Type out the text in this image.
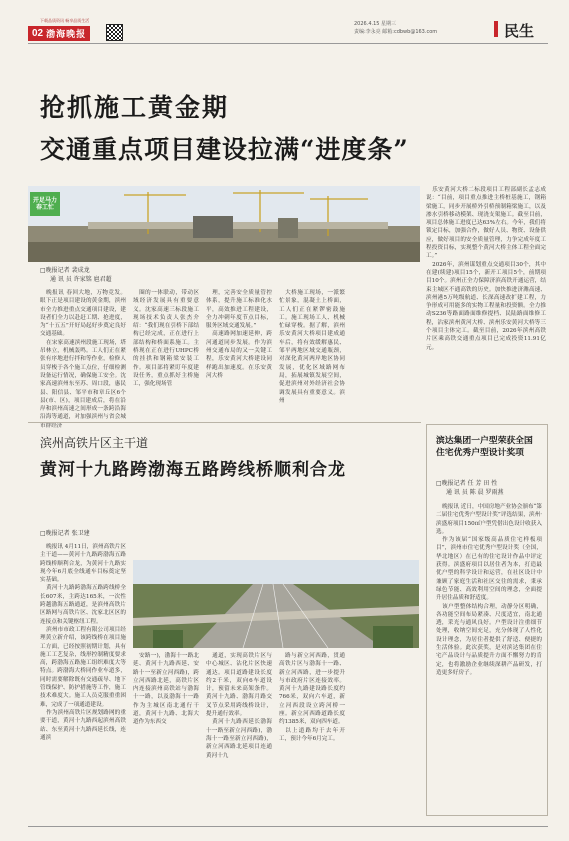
下载品质资讯 畅享品质生活
02 渤海晚报
2026.4.15 星期三
责编:李永亮 邮箱:cdbwb@163.com	民生
抢抓施工黄金期
交通重点项目建设拉满“进度条”
开足马力 春工忙
□晚报记者 裴成龙
通 讯 员 许家铭 扈君超

晚报讯 春回大地，万物竞发。眼下正是项目建设的黄金期，滨州市全力推进重点交通项目建设，建设者们全力以赴赶工期、抢进度，为“十五五”开好局起好步奠定良好交通基础。

在宋家高速滨州段施工现场，塔吊林立，机械轰鸣。工人们正在紧张有序地进行拌和等作业，检修人员穿梭于各个施工点位，仔细检测设备运行情况，确保施工安全。沈家高速滨州东至苏、周口段，惠民县、阳信县、邹平市和章丘区6个县(市、区)，项目建成后，将在沿岸和滨州高速之间形成一条跨沿海沿海等通道，对加强滨州与省会城市群经济

圈的一体联动，带动区域经济发展具有重要意义。沈家高速三标段施工现场技术负责人张杰介绍：“我们现在引桥下部结构已经完成，正在进行上部结构和桥面系施工。主桥现在正在进行UHPC桥的挂拱和钢箱梁安装工作。项目部将紧盯年度建设任务，重点抓好主桥施工，强化现场管

理，完善安全质量管控体系，提升施工标准化水平，高效推进工程建设，全力冲刺年度节点目标，服务区域交通发展。”

高速路网加速延伸，跨河通道同步发展。作为滨州交通布局的又一关键工程，乐安黄河大桥建设同样跑出加速度。在乐安黄河大桥

大桥施工现场，一派繁忙景象，混凝土上桥面，工人们正在紧锣密鼓施工。施工现场工人、机械忙碌穿梭。据了解，滨州乐安黄河大桥项目建成通车后，将有效缓解惠民、邹平两地区域交通瓶颈，对深化黄河两岸地区协同发展，优化区域路网布局，拓展城镇发展空间，促进滨州对外经济社会协调发展具有重要意义。滨州

乐安黄河大桥二标段项目工程部副长孟志成说：“目前，项目重点推进主桥桩基施工，钢箱梁施工，同步开展桥外引桥预制箱梁施工，以及渗水引桥移动模架、现浇支架施工。截至目前，项目总体施工进度已达63%左右。今年，我们将锁定目标，加强合作，做好人员、物资、设备供应，做好项目的安全质量管理，力争完成年度工程投资目标，实现整个黄河大桥主体工程全面完工。”

2026年，滨州谋划重点交通项目30个，其中在建(续建)项目15个，新开工项目5个，前期项目10个。滨州正全力保障济滨高铁开通运营，结束主城区不通高铁的历史。加快推进济潍高速、滨州港5万吨级航道、长深高速改扩建工程，力争形成可用能多的实物工程量和投资额。全力推动S236等路面路面维修提档、民陆路面维修工程，沾家滨州黄河大桥、滨州乐安黄河大桥等三个项目主体完工。截至目前，2026年滨州高铁片区乘高铁交通重点项目已完成投资11.91亿元。

滨州高铁片区主干道
黄河十九路跨渤海五路跨线桥顺利合龙
□晚报记者 张卫建

晚报讯 4月11日，滨州高铁片区主干道——黄河十九路跨渤海五路跨线桥顺利合龙，为黄河十九路实现今年6月底全线通车目标奠定坚实基础。

黄河十九路跨渤海五路跨线桥全长607米，主跨达165米，一次性跨越渤海五路通道，是滨州高铁片区路网与高铁片区、沈家北区区的连接点和关键枢纽工程。

滨州市市政工程有限公司项目经理黄立新介绍，该跨线桥在项目施工方面，已经按照初期计划，具有施工工艺复杂，线形控制精度要求高，跨渤海五路施工组织难度大等特点。跨渤海大桥同作业车道多，同时需要解除既有交通疏导、地下管线保护、防护措施等工作，施工技术难度大。施工人员克服重重困难，完成了一项通道建设。

作为滨州高铁片区规划路网的重要干道，黄河十九路西起滨州高铁站、东至黄河十九路西延长线，连通滨

安路一)，渤海十一路北延、黄河十九路西延、安路十一至新立河西路)，跨立河西路北延，高铁片区内连接滨州高铁站与渤海十一路，以及渤海十一路作为主城区南北通行干道，黄河十九路、北海大道作为东西交

通道，实现高铁片区与中心城区、沾化片区快速通达。项目道路建设长度约2千米，双向6车道设计，预留未来高架条件。黄河十九路、渤海月路交叉节点采用跨线桥设计，提升通行效率。

黄河十九路西延长渤海十一路至新立河西路)，渤海十一路至新立河西路)，新立河西路北延项目连通黄河十九

路与新立河西路，贯通高铁片区与渤海十一路、新立河西路，进一步提升与市政府片区连接效率。黄河十九路建设路长度约766米，双向六车道，新立河西段设立跨河桥一座。新立河西路道路长度约1385米，双向四车道。

以上道路均于去年开工，预计今年6月完工。

滨达集团一户型荣获全国住宅优秀户型设计奖项
□晚报记者 任 芳 田 性
通 讯 员 陈 晨 罗雨燕

晚报讯 近日，中国房地产业协会颁布“第二届住宅优秀户型设计奖”评选结果，滨州·滨盛府项目150㎡户型凭借出色设计收获入选。

作为该届“国家级高品质住宅样板项目”，滨州市住宅优秀户型设计奖（全国，华北地区）在已有的住宅设计作品中评定获得。滨盛府项目以居住者为本，打造最优户型的科学设计和运营，在社区设计中兼顾了家庭生活和社区交往的需求，秉承绿色节能、高效利用空间的理念，全面提升居住品质和舒适度。

该户型整体结构合理，动静分区明确，各功能空间布局紧凑、尺度适宜，南北通透，采光与通风良好。户型设计注重细节处理，收纳空间充足，充分体现了人性化设计理念，为居住者提供了舒适、便捷的生活体验。此次获奖，是对滨达集团在住宅产品设计与品质提升方面不懈努力的肯定，也将激励企业继续深耕产品研发，打造更多好房子。
